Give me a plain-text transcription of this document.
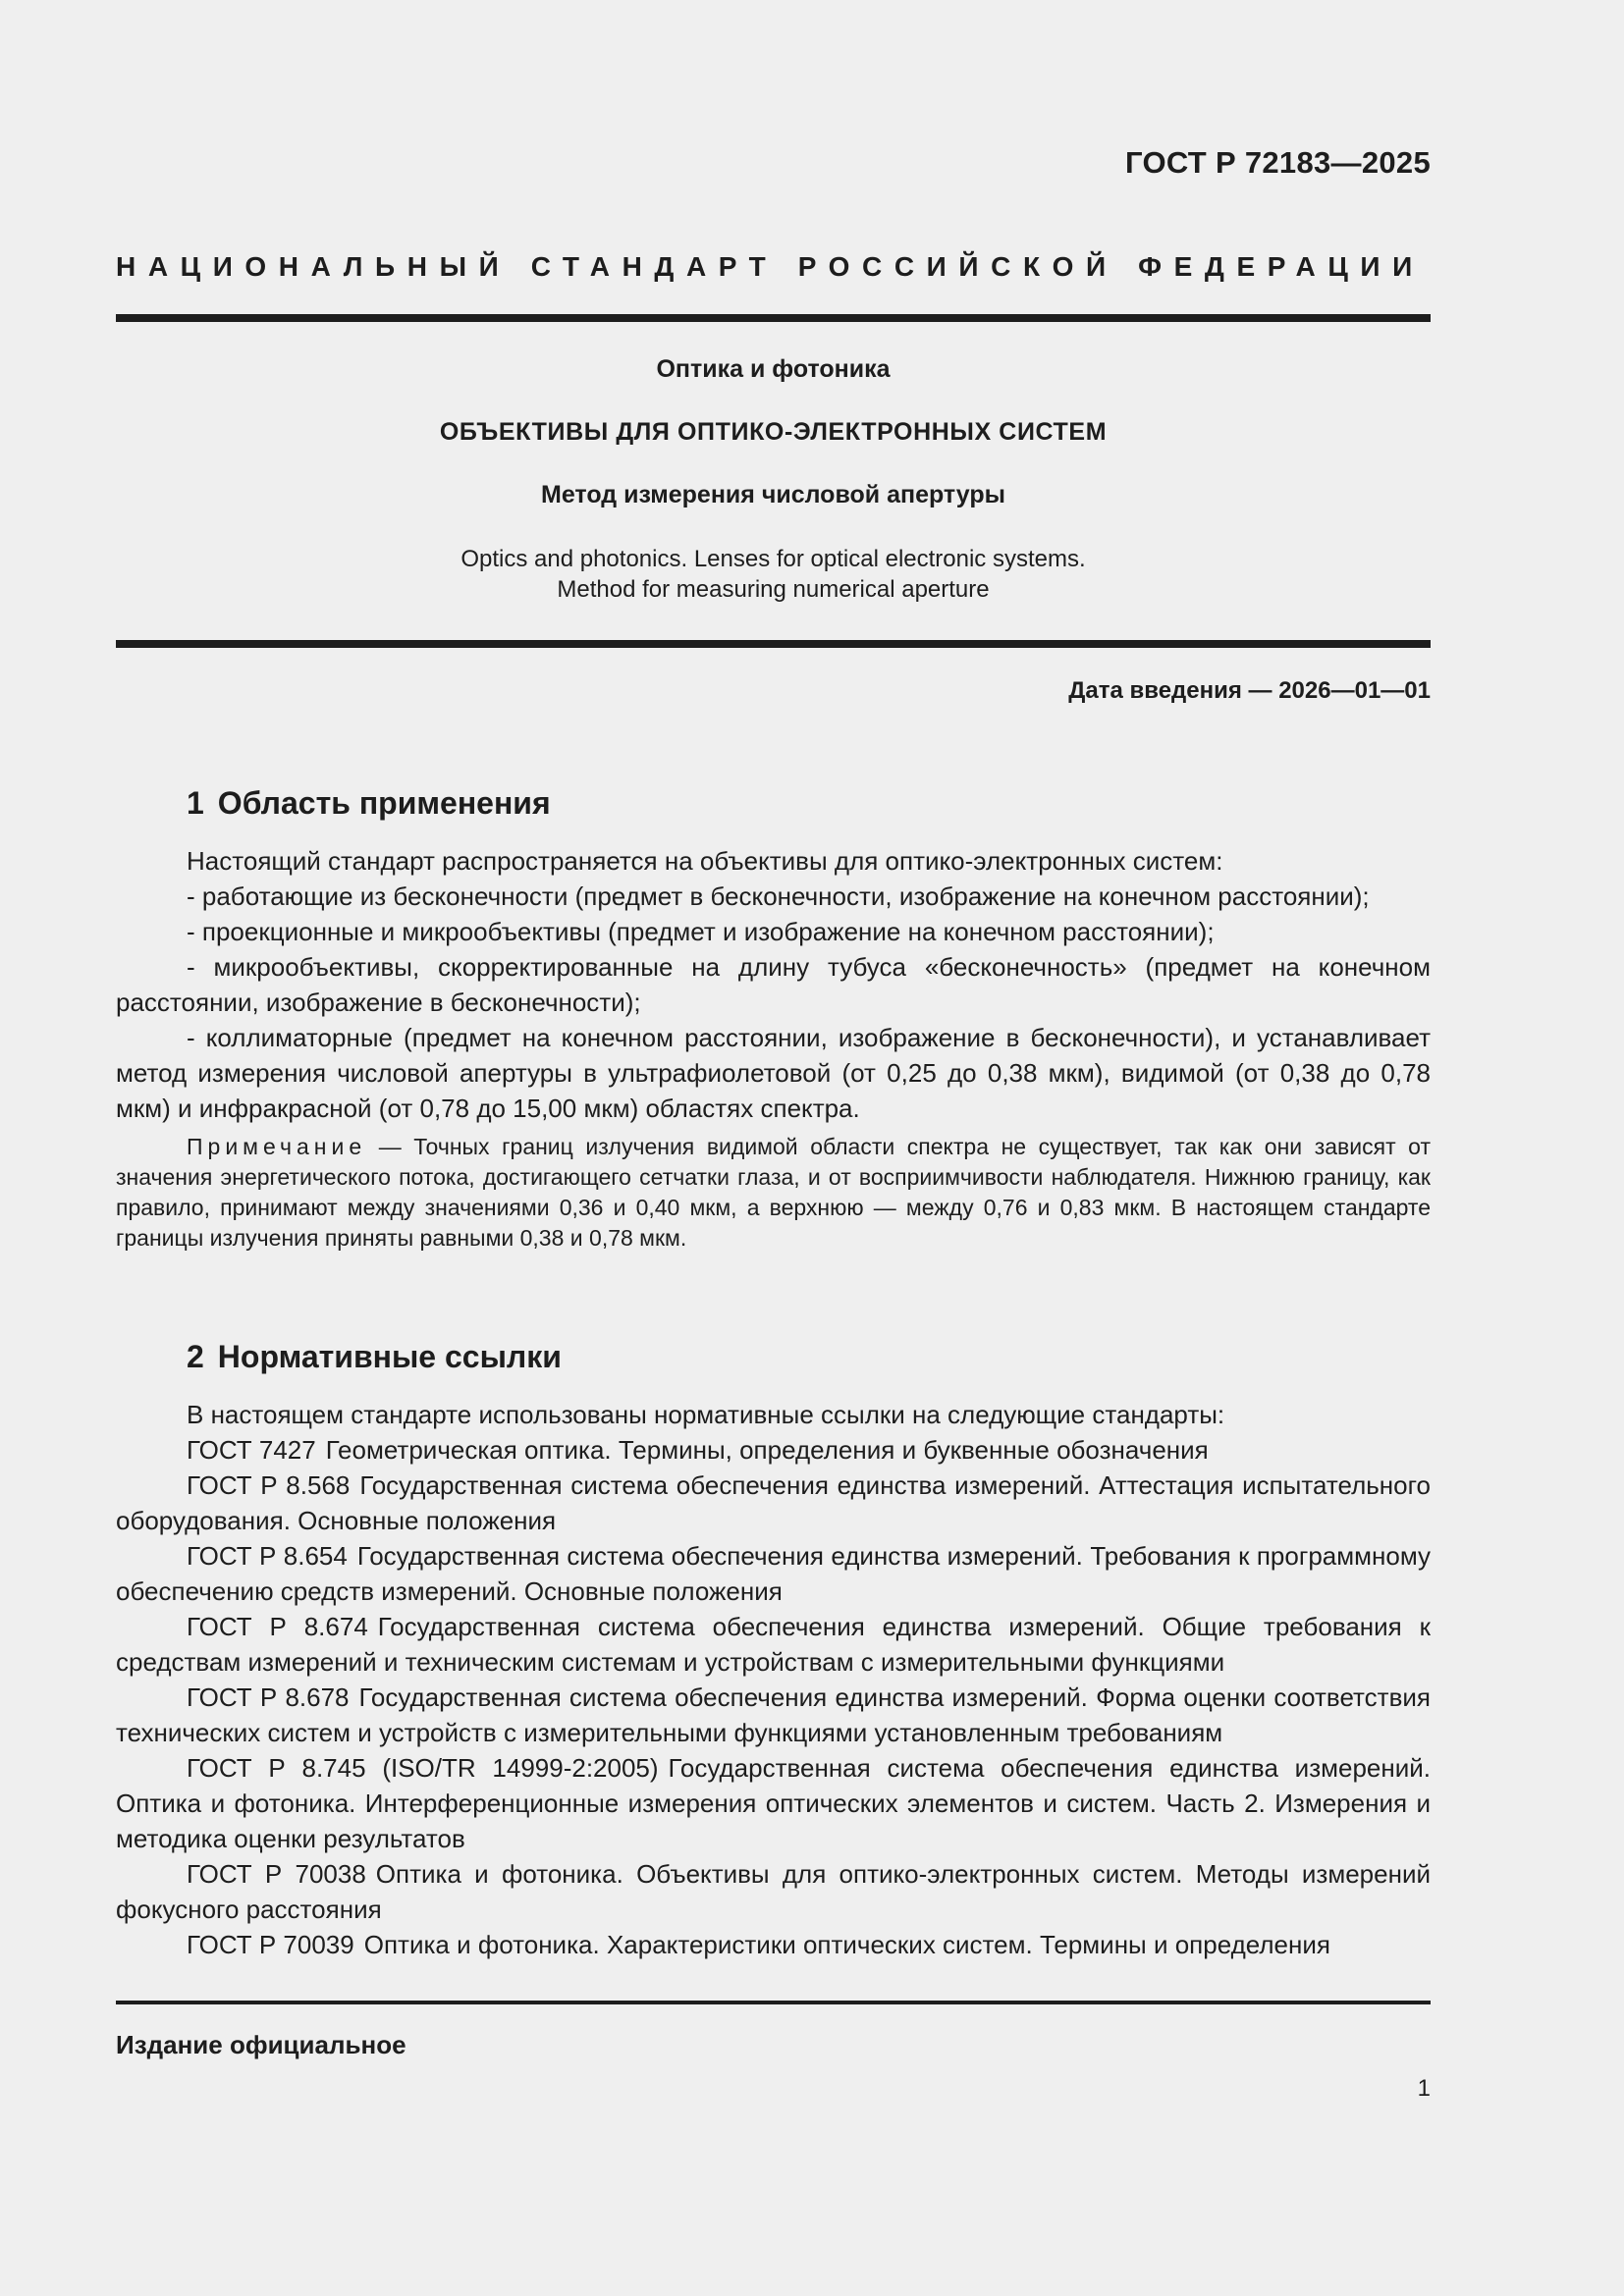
ГОСТ Р 72183—2025
НАЦИОНАЛЬНЫЙ СТАНДАРТ РОССИЙСКОЙ ФЕДЕРАЦИИ
Оптика и фотоника
ОБЪЕКТИВЫ ДЛЯ ОПТИКО-ЭЛЕКТРОННЫХ СИСТЕМ
Метод измерения числовой апертуры
Optics and photonics. Lenses for optical electronic systems.
Method for measuring numerical aperture
Дата введения — 2026—01—01
1 Область применения

Настоящий стандарт распространяется на объективы для оптико-электронных систем:

- работающие из бесконечности (предмет в бесконечности, изображение на конечном расстоянии);

- проекционные и микрообъективы (предмет и изображение на конечном расстоянии);

- микрообъективы, скорректированные на длину тубуса «бесконечность» (предмет на конечном расстоянии, изображение в бесконечности);

- коллиматорные (предмет на конечном расстоянии, изображение в бесконечности), и устанавливает метод измерения числовой апертуры в ультрафиолетовой (от 0,25 до 0,38 мкм), видимой (от 0,38 до 0,78 мкм) и инфракрасной (от 0,78 до 15,00 мкм) областях спектра.

Примечание — Точных границ излучения видимой области спектра не существует, так как они зависят от значения энергетического потока, достигающего сетчатки глаза, и от восприимчивости наблюдателя. Нижнюю границу, как правило, принимают между значениями 0,36 и 0,40 мкм, а верхнюю — между 0,76 и 0,83 мкм. В настоящем стандарте границы излучения приняты равными 0,38 и 0,78 мкм.

2 Нормативные ссылки

В настоящем стандарте использованы нормативные ссылки на следующие стандарты:

ГОСТ 7427 Геометрическая оптика. Термины, определения и буквенные обозначения

ГОСТ Р 8.568 Государственная система обеспечения единства измерений. Аттестация испытательного оборудования. Основные положения

ГОСТ Р 8.654 Государственная система обеспечения единства измерений. Требования к программному обеспечению средств измерений. Основные положения

ГОСТ Р 8.674 Государственная система обеспечения единства измерений. Общие требования к средствам измерений и техническим системам и устройствам с измерительными функциями

ГОСТ Р 8.678 Государственная система обеспечения единства измерений. Форма оценки соответствия технических систем и устройств с измерительными функциями установленным требованиям

ГОСТ Р 8.745 (ISO/TR 14999-2:2005) Государственная система обеспечения единства измерений. Оптика и фотоника. Интерференционные измерения оптических элементов и систем. Часть 2. Измерения и методика оценки результатов

ГОСТ Р 70038 Оптика и фотоника. Объективы для оптико-электронных систем. Методы измерений фокусного расстояния

ГОСТ Р 70039 Оптика и фотоника. Характеристики оптических систем. Термины и определения

Издание официальное
1
